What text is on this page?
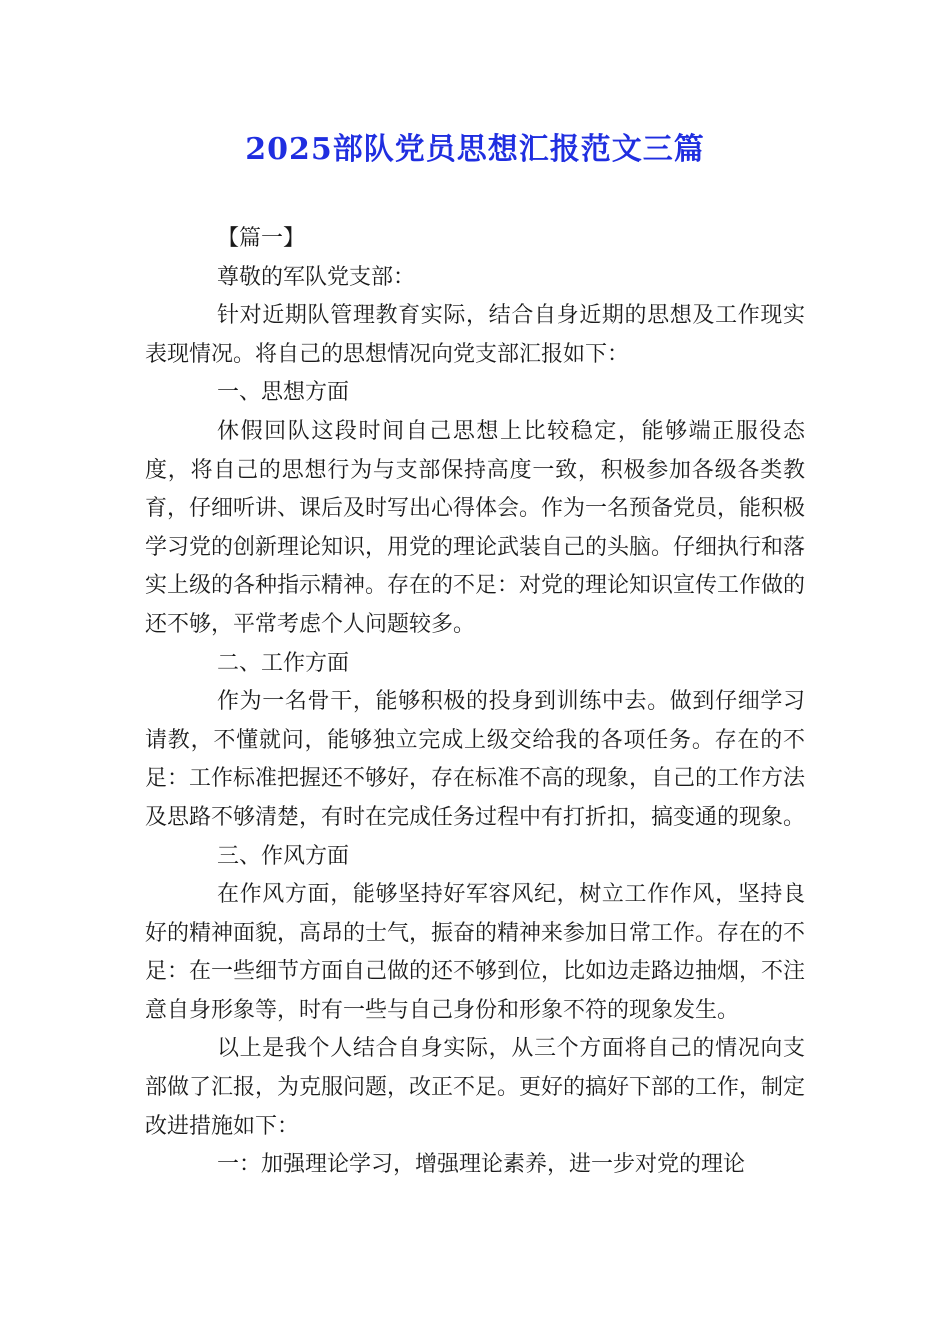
2025部队党员思想汇报范文三篇

【篇一】

尊敬的军队党支部：

针对近期队管理教育实际，结合自身近期的思想及工作现实表现情况。将自己的思想情况向党支部汇报如下：

一、思想方面

休假回队这段时间自己思想上比较稳定，能够端正服役态度，将自己的思想行为与支部保持高度一致，积极参加各级各类教育，仔细听讲、课后及时写出心得体会。作为一名预备党员，能积极学习党的创新理论知识，用党的理论武装自己的头脑。仔细执行和落实上级的各种指示精神。存在的不足：对党的理论知识宣传工作做的还不够，平常考虑个人问题较多。

二、工作方面

作为一名骨干，能够积极的投身到训练中去。做到仔细学习请教，不懂就问，能够独立完成上级交给我的各项任务。存在的不足：工作标准把握还不够好，存在标准不高的现象，自己的工作方法及思路不够清楚，有时在完成任务过程中有打折扣，搞变通的现象。

三、作风方面

在作风方面，能够坚持好军容风纪，树立工作作风，坚持良好的精神面貌，高昂的士气，振奋的精神来参加日常工作。存在的不足：在一些细节方面自己做的还不够到位，比如边走路边抽烟，不注意自身形象等，时有一些与自己身份和形象不符的现象发生。

以上是我个人结合自身实际，从三个方面将自己的情况向支部做了汇报，为克服问题，改正不足。更好的搞好下部的工作，制定改进措施如下：

一：加强理论学习，增强理论素养，进一步对党的理论
